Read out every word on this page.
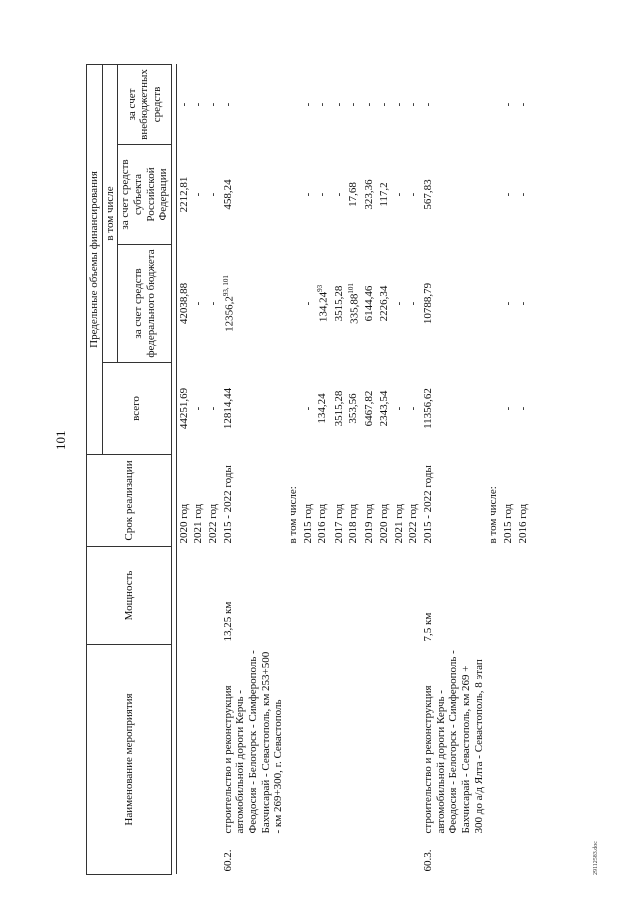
101
Наименование мероприятия		Мощность	Срок реализации	Предельные объемы финансирования			
				всего	в том числе		
					за счет средств федерального бюджета	за счет средств субъекта Российской Федерации	за счет внебюджетных средств

			2020 год	44251,69	42038,88	2212,81	-
			2021 год	-	-	-	-
			2022 год	-	-	-	-
60.2.	строительство и реконструкция автомобильной дороги Керчь - Феодосия - Белогорск - Симферополь - Бахчисарай - Севастополь, км 253+500 - км 269+300, г. Севастополь	13,25 км	2015 - 2022 годы	12814,44	12356,2$^{93, 101}$	458,24	-
			в том числе:				
			2015 год	-	-	-	-
			2016 год	134,24	134,24$^{93}$	-	-
			2017 год	3515,28	3515,28	-	-
			2018 год	353,56	335,88$^{101}$	17,68	-
			2019 год	6467,82	6144,46	323,36	-
			2020 год	2343,54	2226,34	117,2	-
			2021 год	-	-	-	-
			2022 год	-	-	-	-
60.3.	строительство и реконструкция автомобильной дороги Керчь - Феодосия - Белогорск - Симферополь - Бахчисарай - Севастополь, км 269 + 300 до а/д Ялта - Севастополь, 8 этап	7,5 км	2015 - 2022 годы	11356,62	10788,79	567,83	-
			в том числе:				
			2015 год	-	-	-	-
			2016 год	-	-	-	-
29112583.doc
